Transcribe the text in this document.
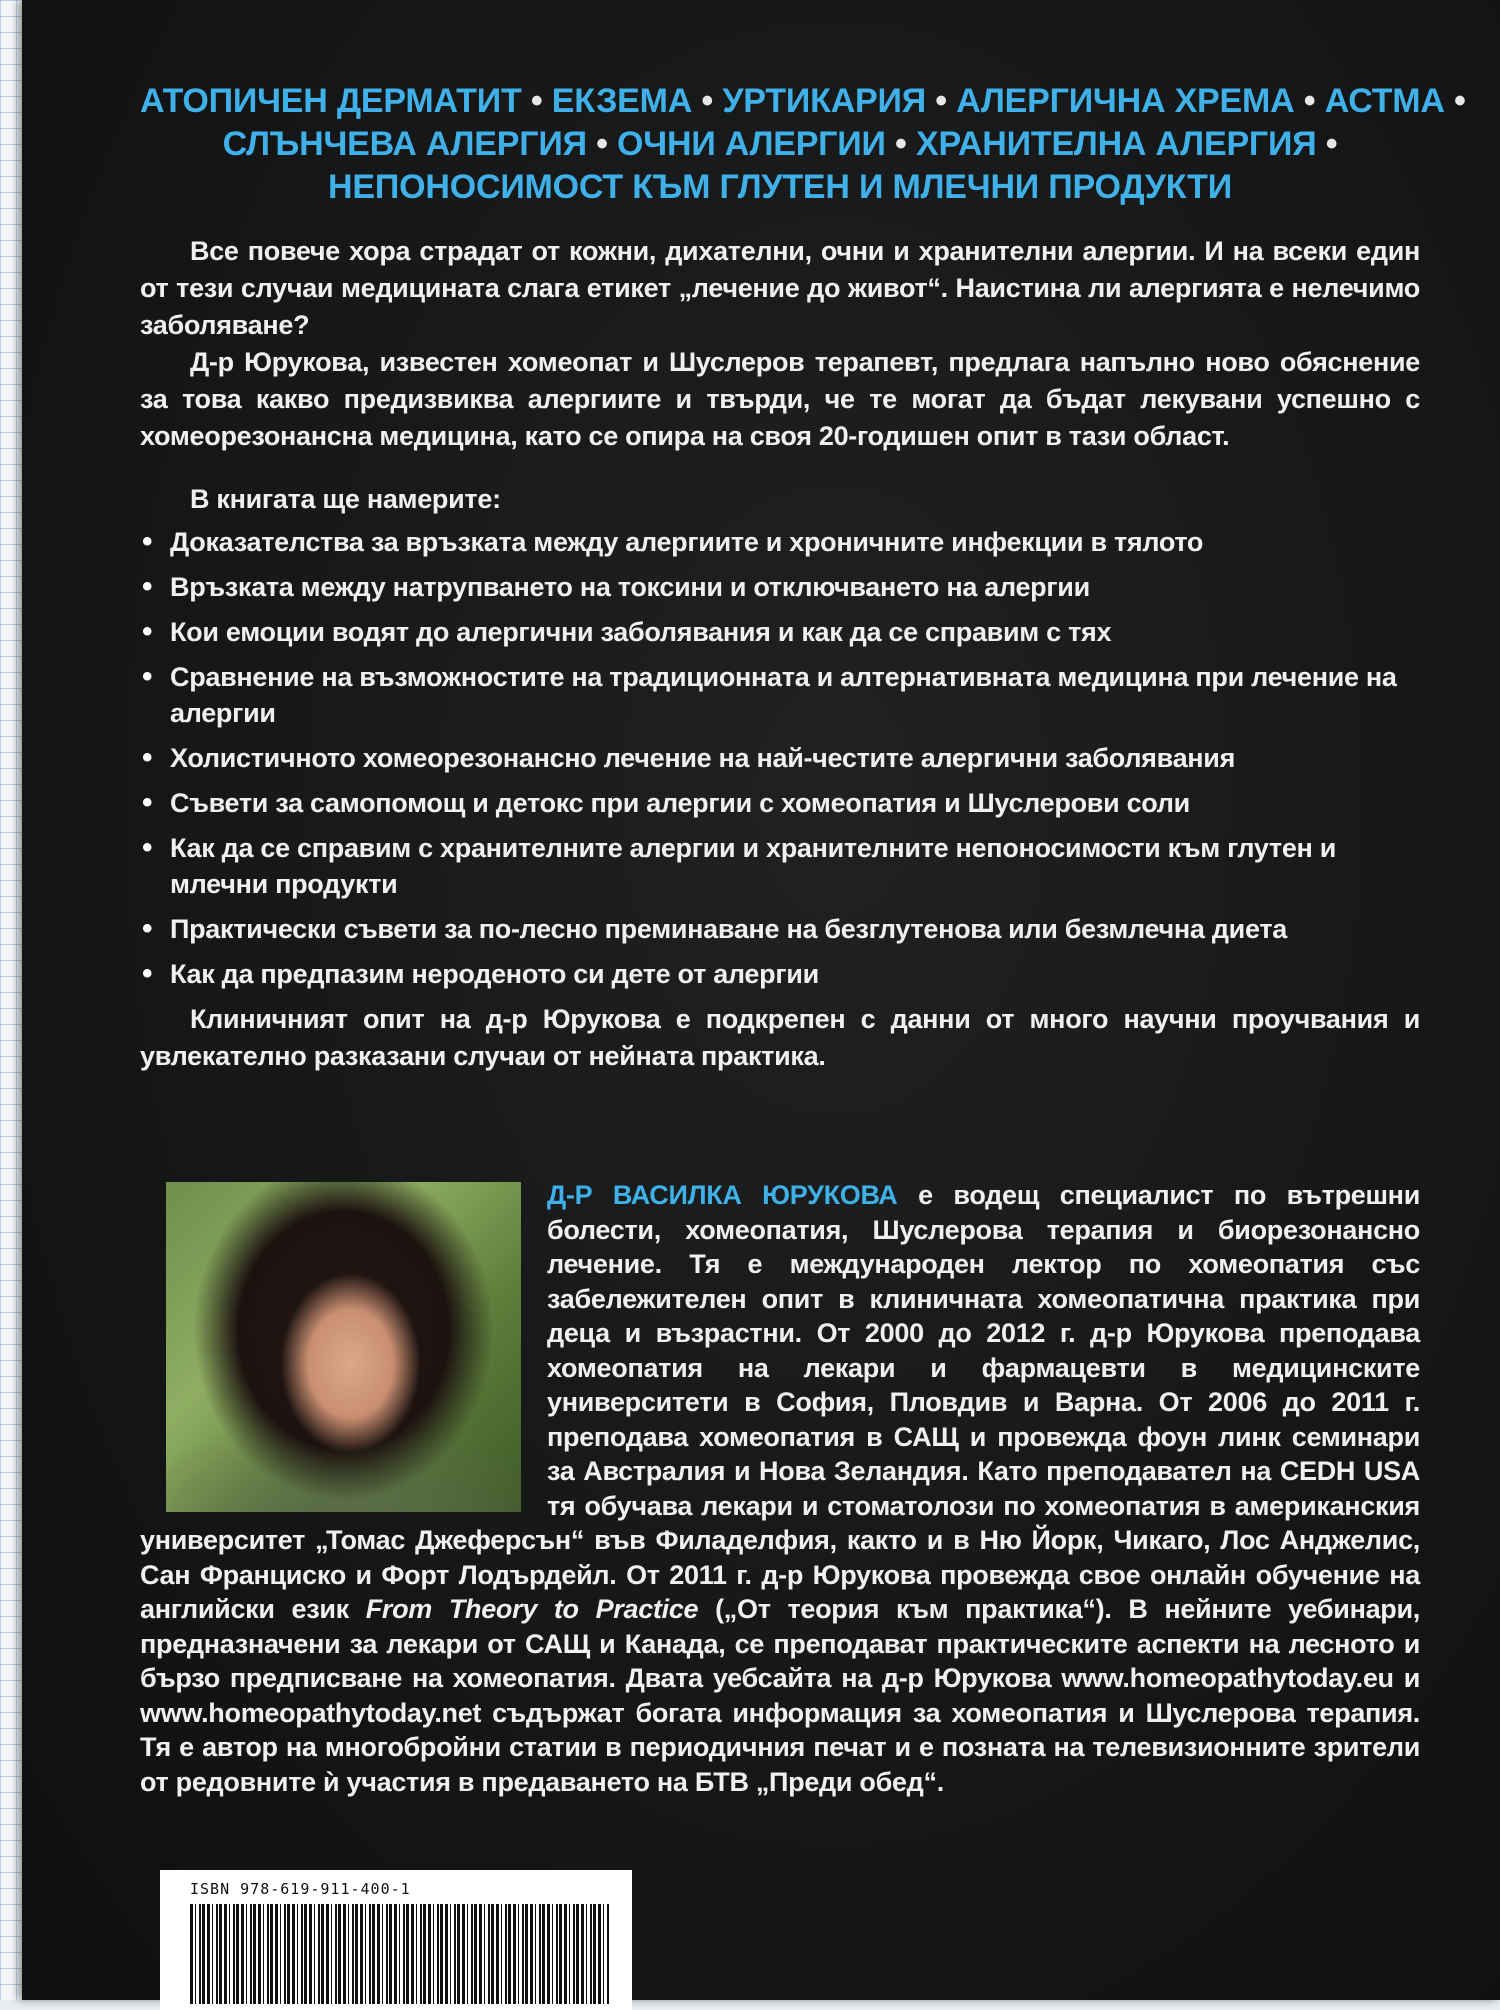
АТОПИЧЕН ДЕРМАТИТ • ЕКЗЕМА • УРТИКАРИЯ • АЛЕРГИЧНА ХРЕМА • АСТМА •
СЛЪНЧЕВА АЛЕРГИЯ • ОЧНИ АЛЕРГИИ • ХРАНИТЕЛНА АЛЕРГИЯ •
НЕПОНОСИМОСТ КЪМ ГЛУТЕН И МЛЕЧНИ ПРОДУКТИ

Все повече хора страдат от кожни, дихателни, очни и хранителни алергии. И на всеки един от тези случаи медицината слага етикет „лечение до живот“. Наистина ли алергията е нелечимо заболяване?

Д-р Юрукова, известен хомеопат и Шуслеров терапевт, предлага напълно ново обяснение за това какво предизвиква алергиите и твърди, че те могат да бъдат лекувани успешно с хомеорезонансна медицина, като се опира на своя 20-годишен опит в тази област.

В книгата ще намерите:

• Доказателства за връзката между алергиите и хроничните инфекции в тялото
• Връзката между натрупването на токсини и отключването на алергии
• Кои емоции водят до алергични заболявания и как да се справим с тях
• Сравнение на възможностите на традиционната и алтернативната медицина при лечение на алергии
• Холистичното хомеорезонансно лечение на най-честите алергични заболявания
• Съвети за самопомощ и детокс при алергии с хомеопатия и Шуслерови соли
• Как да се справим с хранителните алергии и хранителните непоносимости към глутен и млечни продукти
• Практически съвети за по-лесно преминаване на безглутенова или безмлечна диета
• Как да предпазим нероденото си дете от алергии

Клиничният опит на д-р Юрукова е подкрепен с данни от много научни проучвания и увлекателно разказани случаи от нейната практика.

Д-Р ВАСИЛКА ЮРУКОВА е водещ специалист по вътрешни болести, хомеопатия, Шуслерова терапия и биорезонансно лечение. Тя е международен лектор по хомеопатия със забележителен опит в клиничната хомеопатична практика при деца и възрастни. От 2000 до 2012 г. д-р Юрукова преподава хомеопатия на лекари и фармацевти в медицинските университети в София, Пловдив и Варна. От 2006 до 2011 г. преподава хомеопатия в САЩ и провежда фоун линк семинари за Австралия и Нова Зеландия. Като преподавател на CEDH USA тя обучава лекари и стоматолози по хомеопатия в американския университет „Томас Джеферсън“ във Филаделфия, както и в Ню Йорк, Чикаго, Лос Анджелис, Сан Франциско и Форт Лодърдейл. От 2011 г. д-р Юрукова провежда свое онлайн обучение на английски език From Theory to Practice („От теория към практика“). В нейните уебинари, предназначени за лекари от САЩ и Канада, се преподават практическите аспекти на лесното и бързо предписване на хомеопатия. Двата уебсайта на д-р Юрукова www.homeopathytoday.eu и www.homeopathytoday.net съдържат богата информация за хомеопатия и Шуслерова терапия. Тя е автор на многобройни статии в периодичния печат и е позната на телевизионните зрители от редовните ѝ участия в предаването на БТВ „Преди обед“.
ISBN 978-619-911-400-1
